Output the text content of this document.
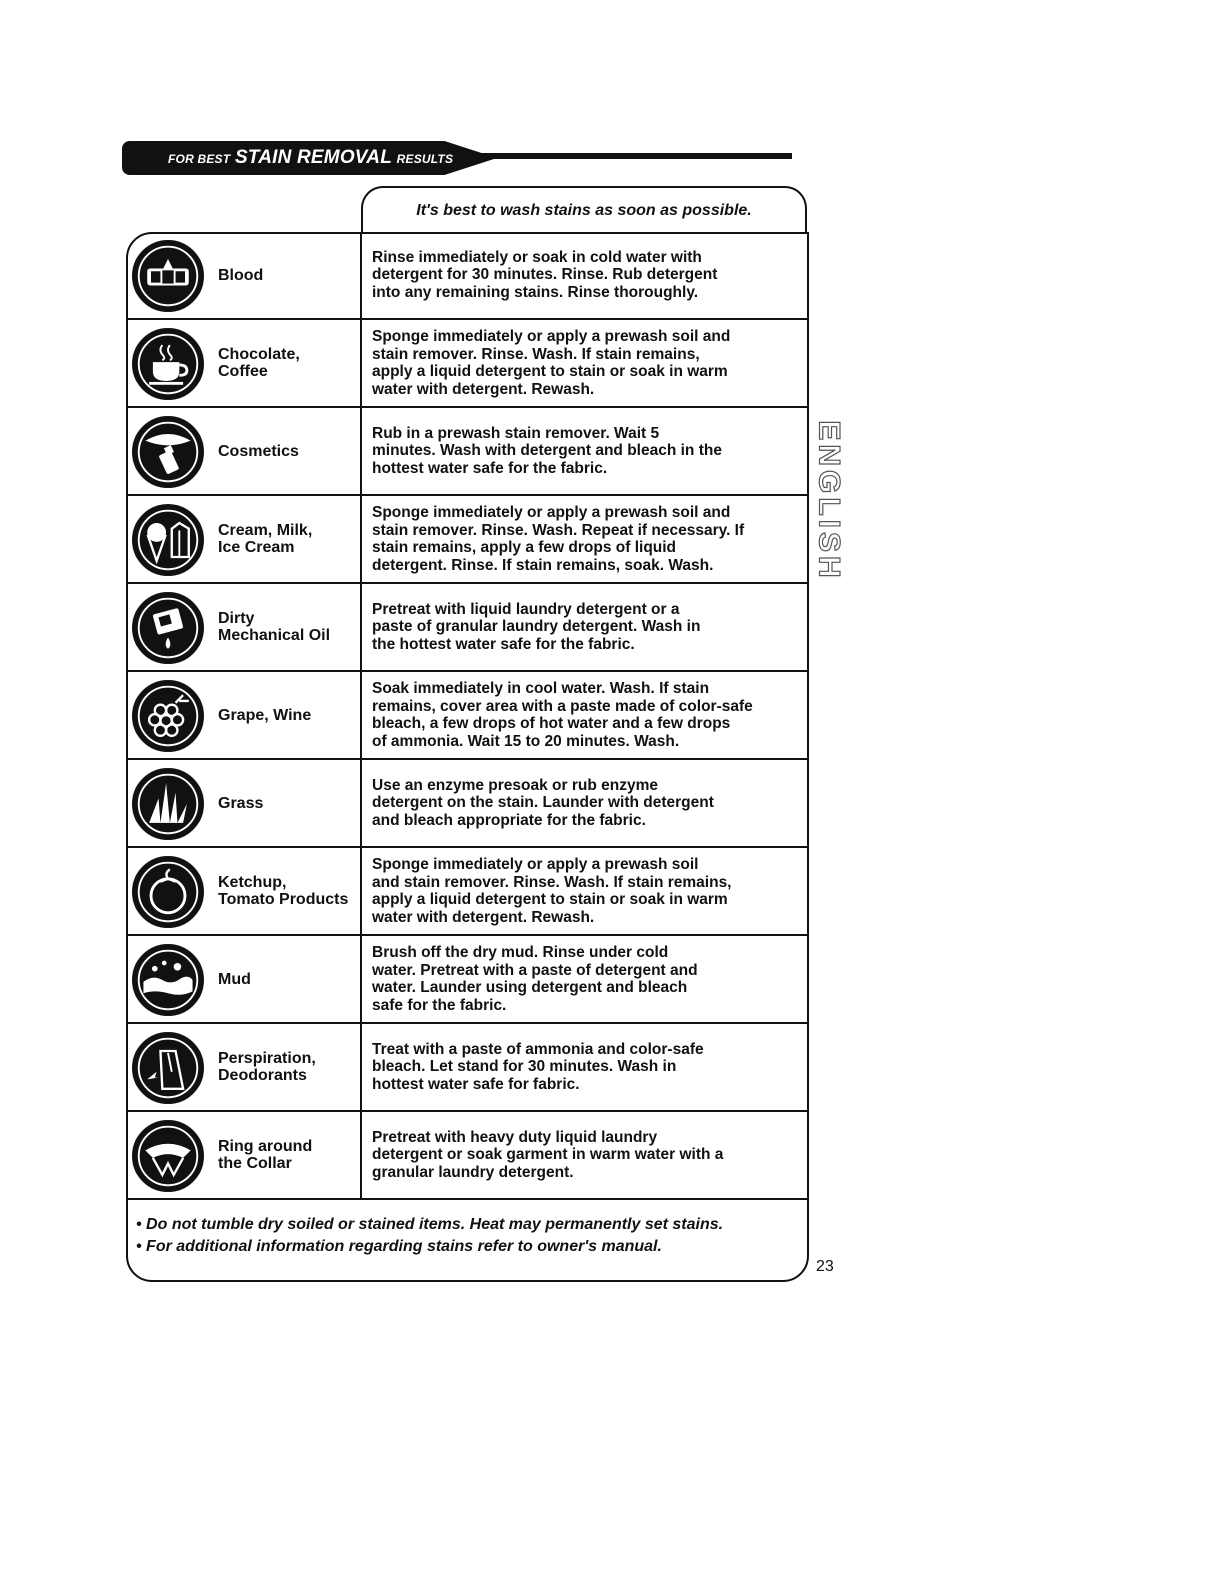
FOR BEST STAIN REMOVAL RESULTS
It's best to wash stains as soon as possible.
Blood
Rinse immediately or soak in cold water with
detergent for 30 minutes. Rinse. Rub detergent
into any remaining stains. Rinse thoroughly.
Chocolate,
Coffee
Sponge immediately or apply a prewash soil and
stain remover. Rinse. Wash. If stain remains,
apply a liquid detergent to stain or soak in warm
water with detergent. Rewash.
Cosmetics
Rub in a prewash stain remover. Wait 5
minutes. Wash with detergent and bleach in the
hottest water safe for the fabric.
Cream, Milk,
Ice Cream
Sponge immediately or apply a prewash soil and
stain remover. Rinse. Wash. Repeat if necessary. If
stain remains, apply a few drops of liquid
detergent. Rinse. If stain remains, soak. Wash.
Dirty
Mechanical Oil
Pretreat with liquid laundry detergent or a
paste of granular laundry detergent. Wash in
the hottest water safe for the fabric.
Grape, Wine
Soak immediately in cool water. Wash. If stain
remains, cover area with a paste made of color-safe
bleach, a few drops of hot water and a few drops
of ammonia. Wait 15 to 20 minutes. Wash.
Grass
Use an enzyme presoak or rub enzyme
detergent on the stain. Launder with detergent
and bleach appropriate for the fabric.
Ketchup,
Tomato Products
Sponge immediately or apply a prewash soil
and stain remover. Rinse. Wash. If stain remains,
apply a liquid detergent to stain or soak in warm
water with detergent. Rewash.
Mud
Brush off the dry mud. Rinse under cold
water. Pretreat with a paste of detergent and
water. Launder using detergent and bleach
safe for the fabric.
Perspiration,
Deodorants
Treat with a paste of ammonia and color-safe
bleach. Let stand for 30 minutes. Wash in
hottest water safe for fabric.
Ring around
the Collar
Pretreat with heavy duty liquid laundry
detergent or soak garment in warm water with a
granular laundry detergent.
• Do not tumble dry soiled or stained items. Heat may permanently set stains.
• For additional information regarding stains refer to owner's manual.
ENGLISH
23
